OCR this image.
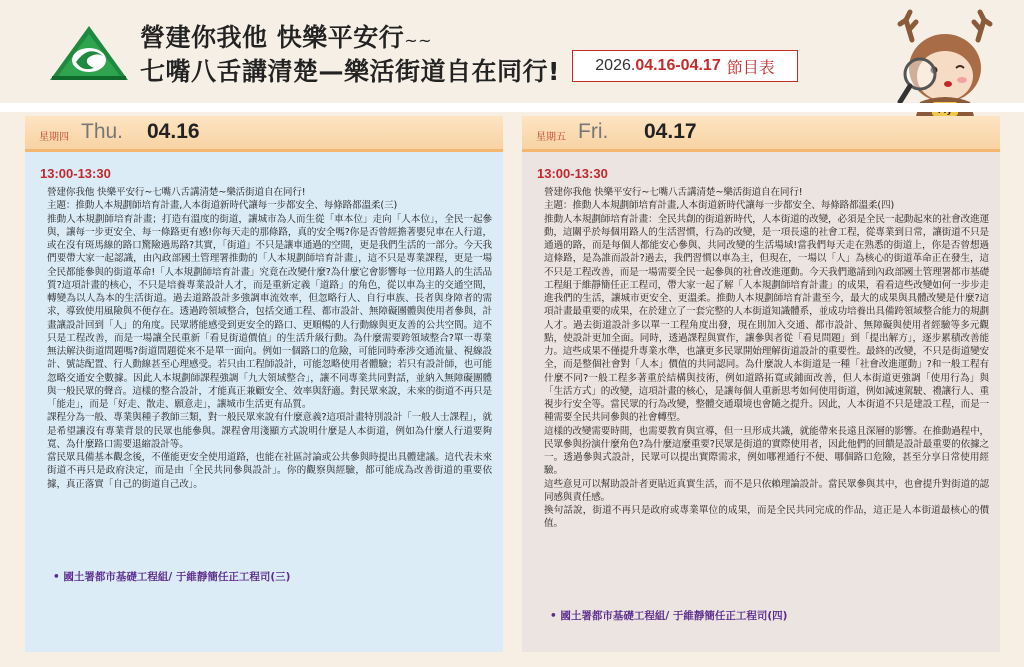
營建你我他 快樂平安行~~
七嘴八舌講清楚—樂活街道自在同行! 2026. 04.16-04.17 節目表
星期四 Thu. 04.16
13:00-13:30

營建你我他 快樂平安行~七嘴八舌講清楚~樂活街道自在同行!

主題：推動人本規劃師培育計畫,人本街道新時代讓每一步都安全、每條路都溫柔(三)

推動人本規劃師培育計畫；打造有溫度的街道，讓城市為人而生從「車本位」走向「人本位」，全民一起參與，讓每一步更安全、每一條路更有感!你每天走的那條路，真的安全嗎?你是否曾經擔著嬰兒車在人行道，或在沒有斑馬線的路口驚險過馬路?其實，「街道」不只是讓車通過的空間，更是我們生活的一部分。今天我們要帶大家一起認識，由內政部國土管理署推動的「人本規劃師培育計畫」，這不只是專業課程，更是一場全民都能參與的街道革命!「人本規劃師培育計畫」究竟在改變什麼?為什麼它會影響每一位用路人的生活品質?這項計畫的核心，不只是培養專業設計人才，而是重新定義「道路」的角色，從以車為主的交通空間，轉變為以人為本的生活街道。過去道路設計多強調車流效率，但忽略行人、自行車族、長者與身障者的需求，導致使用風險與不便存在。透過跨領域整合，包括交通工程、都市設計、無障礙團體與使用者參與，計畫讓設計回到「人」的角度。民眾將能感受到更安全的路口、更順暢的人行動線與更友善的公共空間。這不只是工程改善，而是一場讓全民重新「看見街道價值」的生活升級行動。為什麼需要跨領域整合?單一專業無法解決街道問題嗎?街道問題從來不是單一面向。例如一個路口的危險，可能同時牽涉交通流量、視線設計、號誌配置、行人動線甚至心理感受。若只由工程師設計，可能忽略使用者體驗；若只有設計師，也可能忽略交通安全數據。因此人本規劃師課程強調「九大領域整合」，讓不同專業共同對話，並納入無障礙團體與一般民眾的聲音。這樣的整合設計，才能真正兼顧安全、效率與舒適。對民眾來說，未來的街道不再只是「能走」，而是「好走、散走、願意走」，讓城市生活更有品質。

課程分為一般、專業與種子教師三類，對一般民眾來說有什麼意義?這項計畫特別設計「一般人士課程」，就是希望讓沒有專業背景的民眾也能參與。課程會用淺顯方式說明什麼是人本街道，例如為什麼人行道要夠寬、為什麼路口需要退縮設計等。

當民眾具備基本觀念後，不僅能更安全使用道路，也能在社區討論或公共參與時提出具體建議。這代表未來街道不再只是政府決定，而是由「全民共同參與設計」。你的觀察與經驗，都可能成為改善街道的重要依據，真正落實「自己的街道自己改」。

• 國土署都市基礎工程組/ 于維靜簡任正工程司(三)
星期五 Fri. 04.17
13:00-13:30

營建你我他 快樂平安行~七嘴八舌講清楚~樂活街道自在同行!

主題：推動人本規劃師培育計畫,人本街道新時代讓每一步都安全、每條路都溫柔(四)

推動人本規劃師培育計畫：全民共創的街道新時代，人本街道的改變，必須是全民一起動起來的社會改進運動，這關乎於每個用路人的生活習慣，行為的改變，是一項長遠的社會工程，從專業到日常，讓街道不只是通過的路，而是每個人都能安心參與、共同改變的生活場域!當我們每天走在熟悉的街道上，你是否曾想過這條路，是為誰而設計?過去，我們習慣以車為主，但現在，一場以「人」為核心的街道革命正在發生，這不只是工程改善，而是一場需要全民一起參與的社會改進運動。今天我們邀請到內政部國土管理署都市基礎工程組于維靜簡任正工程司，帶大家一起了解「人本規劃師培育計畫」的成果，看看這些改變如何一步步走進我們的生活，讓城市更安全、更溫柔。推動人本規劃師培育計畫至今，最大的成果與具體改變是什麼?這項計畫最重要的成果，在於建立了一套完整的人本街道知識體系，並成功培養出具備跨領域整合能力的規劃人才。過去街道設計多以單一工程角度出發，現在則加入交通、都市設計、無障礙與使用者經驗等多元觀點，使設計更加全面。同時，透過課程與實作，讓參與者從「看見問題」到「提出解方」，逐步累積改善能力。這些成果不僅提升專業水準，也讓更多民眾開始理解街道設計的重要性。最終的改變，不只是街道變安全，而是整個社會對「人本」價值的共同認同。為什麼說人本街道是一種「社會改進運動」?和一般工程有什麼不同?一般工程多著重於結構與技術，例如道路拓寬或鋪面改善，但人本街道更強調「使用行為」與「生活方式」的改變，這項計畫的核心，是讓每個人重新思考如何使用街道，例如減速駕駛、禮讓行人、重視步行安全等。當民眾的行為改變，整體交通環境也會隨之提升。因此，人本街道不只是建設工程，而是一種需要全民共同參與的社會轉型。

這樣的改變需要時間，也需要教育與宣導，但一旦形成共識，就能帶來長遠且深層的影響。在推動過程中，民眾參與扮演什麼角色?為什麼這麼重要?民眾是街道的實際使用者，因此他們的回饋是設計最重要的依據之一。透過參與式設計，民眾可以提出實際需求，例如哪裡通行不便、哪個路口危險，甚至分享日常使用經驗。

這些意見可以幫助設計者更貼近真實生活，而不是只依賴理論設計。當民眾參與其中，也會提升對街道的認同感與責任感。

換句話說，街道不再只是政府或專業單位的成果，而是全民共同完成的作品，這正是人本街道最核心的價值。

• 國土署都市基礎工程組/ 于維靜簡任正工程司(四)
